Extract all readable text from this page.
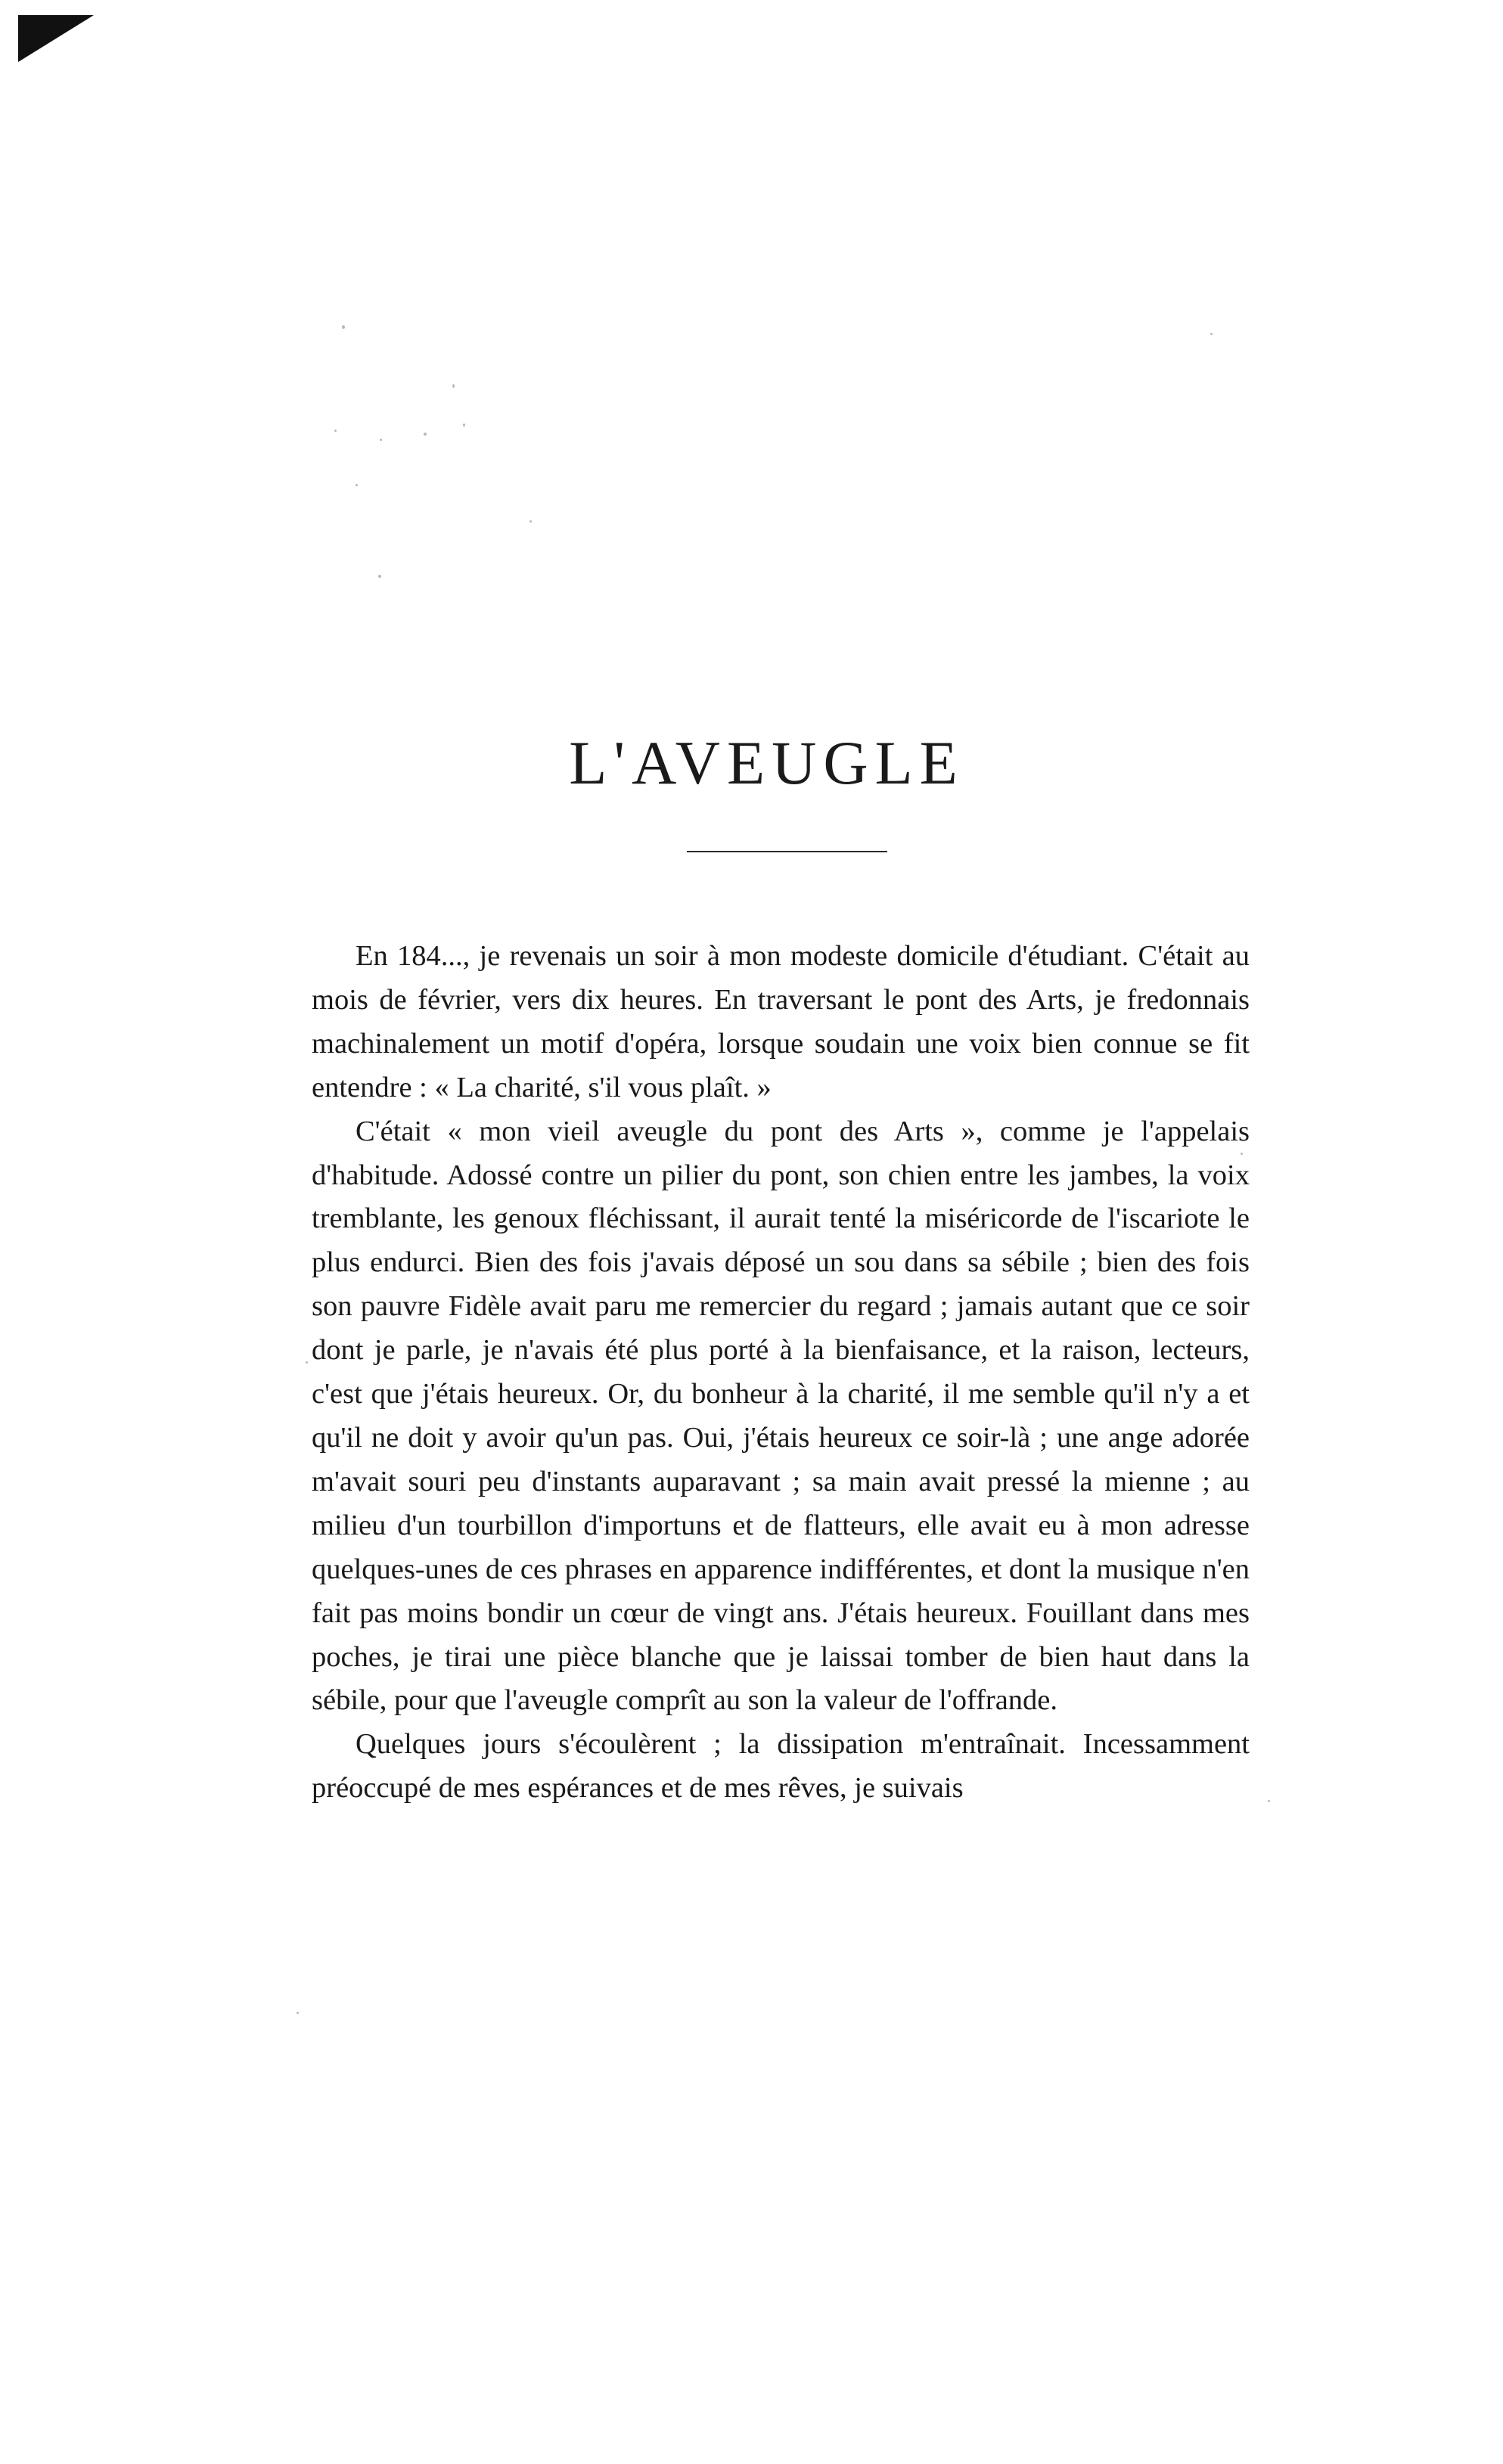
L'AVEUGLE

En 184..., je revenais un soir à mon modeste domicile d'étudiant. C'était au mois de février, vers dix heures. En traversant le pont des Arts, je fredonnais machinalement un motif d'opéra, lorsque soudain une voix bien connue se fit entendre : « La charité, s'il vous plaît. »

C'était « mon vieil aveugle du pont des Arts », comme je l'appelais d'habitude. Adossé contre un pilier du pont, son chien entre les jambes, la voix tremblante, les genoux fléchissant, il aurait tenté la miséricorde de l'iscariote le plus endurci. Bien des fois j'avais déposé un sou dans sa sébile ; bien des fois son pauvre Fidèle avait paru me remercier du regard ; jamais autant que ce soir dont je parle, je n'avais été plus porté à la bienfaisance, et la raison, lecteurs, c'est que j'étais heureux. Or, du bonheur à la charité, il me semble qu'il n'y a et qu'il ne doit y avoir qu'un pas. Oui, j'étais heureux ce soir-là ; une ange adorée m'avait souri peu d'instants auparavant ; sa main avait pressé la mienne ; au milieu d'un tourbillon d'importuns et de flatteurs, elle avait eu à mon adresse quelques-unes de ces phrases en apparence indifférentes, et dont la musique n'en fait pas moins bondir un cœur de vingt ans. J'étais heureux. Fouillant dans mes poches, je tirai une pièce blanche que je laissai tomber de bien haut dans la sébile, pour que l'aveugle comprît au son la valeur de l'offrande.

Quelques jours s'écoulèrent ; la dissipation m'entraînait. Incessamment préoccupé de mes espérances et de mes rêves, je suivais
